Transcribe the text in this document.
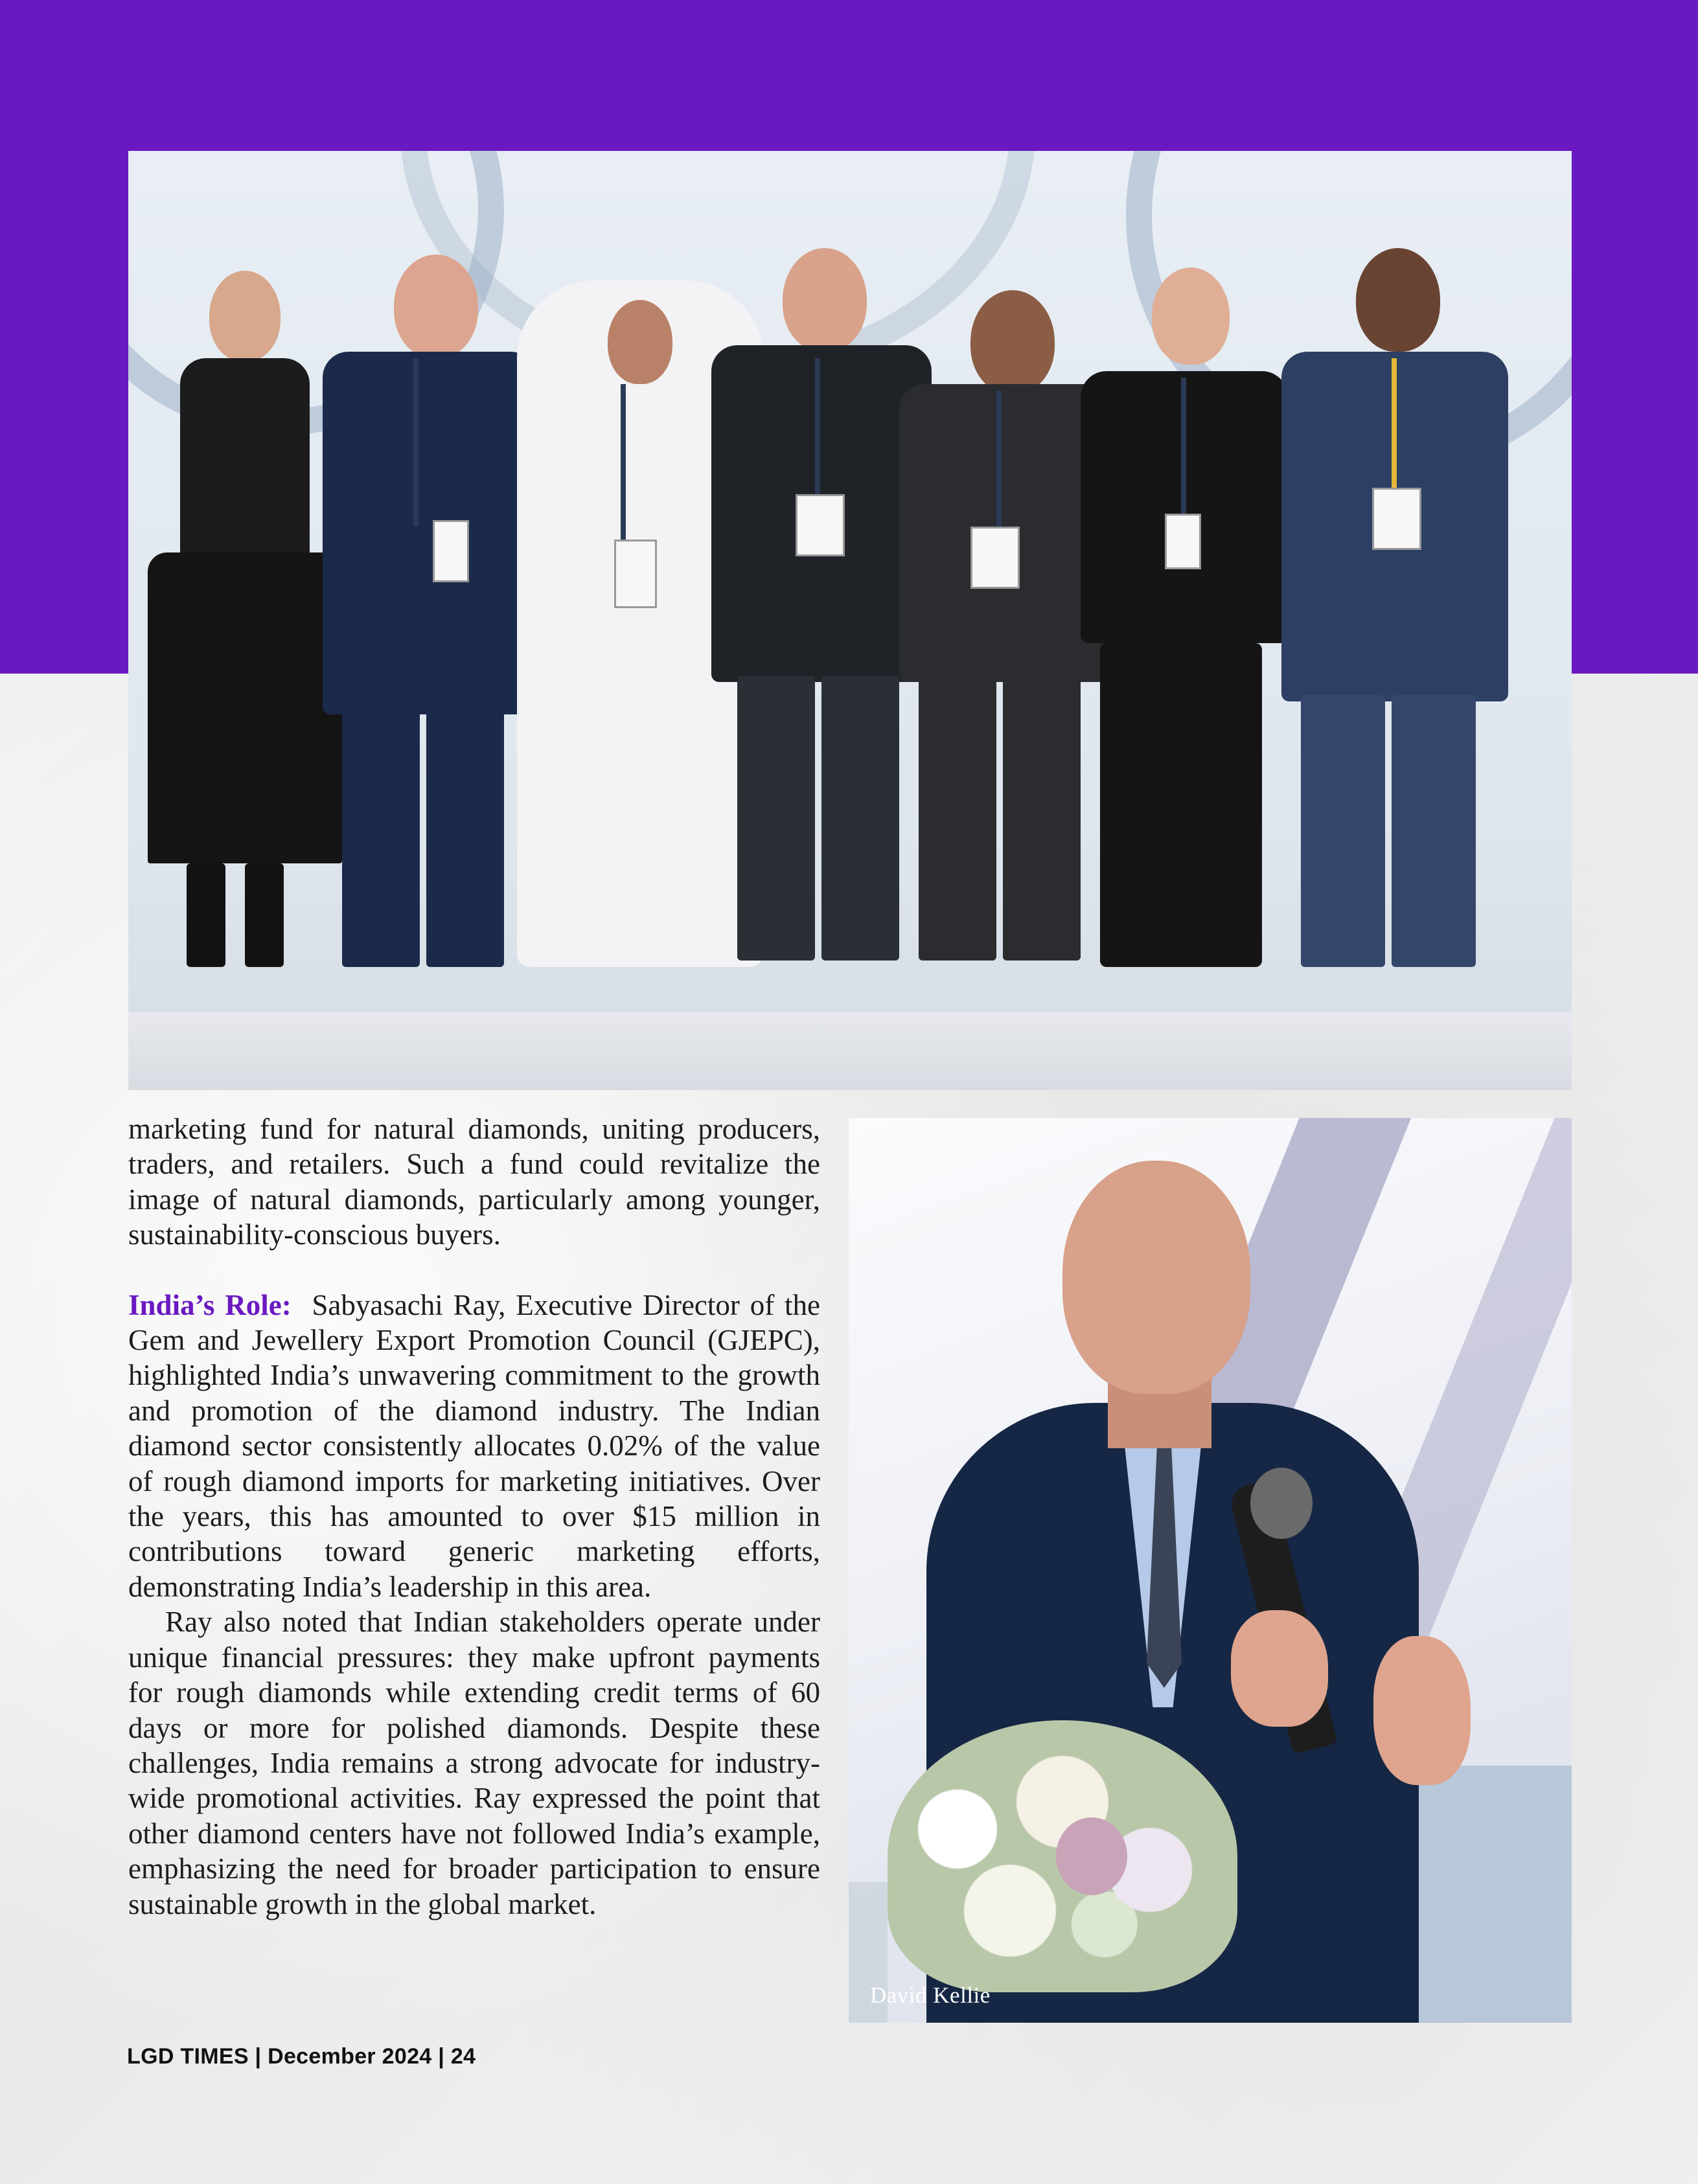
marketing fund for natural diamonds, uniting producers, traders, and retailers. Such a fund could revitalize the image of natural diamonds, particularly among younger, sustainability-conscious buyers.

India’s Role: Sabyasachi Ray, Executive Director of the Gem and Jewellery Export Promotion Council (GJEPC), highlighted India’s unwavering commitment to the growth and promotion of the diamond industry. The Indian diamond sector consistently allocates 0.02% of the value of rough diamond imports for marketing initiatives. Over the years, this has amounted to over $15 million in contributions toward generic marketing efforts, demonstrating India’s leadership in this area.

Ray also noted that Indian stakeholders operate under unique financial pressures: they make upfront payments for rough diamonds while extending credit terms of 60 days or more for polished diamonds. Despite these challenges, India remains a strong advocate for industry-wide promotional activities. Ray expressed the point that other diamond centers have not followed India’s example, emphasizing the need for broader participation to ensure sustainable growth in the global market.

David Kellie
LGD TIMES | December 2024 | 24
